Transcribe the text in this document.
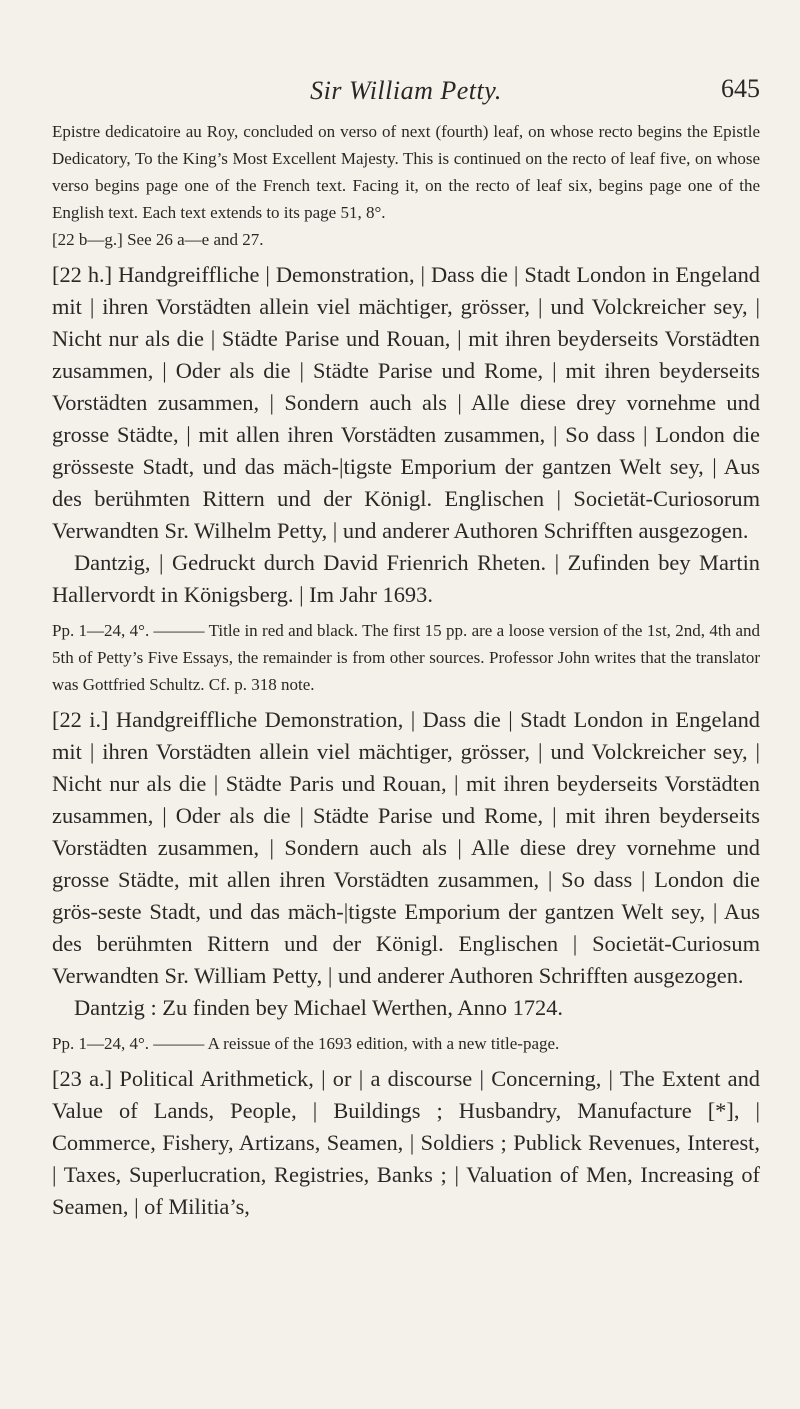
Sir William Petty.	645

Epistre dedicatoire au Roy, concluded on verso of next (fourth) leaf, on whose recto begins the Epistle Dedicatory, To the King’s Most Excellent Majesty. This is continued on the recto of leaf five, on whose verso begins page one of the French text. Facing it, on the recto of leaf six, begins page one of the English text. Each text extends to its page 51, 8°.

[22 b—g.] See 26 a—e and 27.

[22 h.] Handgreiffliche | Demonstration, | Dass die | Stadt London in Engeland mit | ihren Vorstädten allein viel mächtiger, grösser, | und Volckreicher sey, | Nicht nur als die | Städte Parise und Rouan, | mit ihren beyderseits Vorstädten zusammen, | Oder als die | Städte Parise und Rome, | mit ihren beyderseits Vorstädten zusammen, | Sondern auch als | Alle diese drey vornehme und grosse Städte, | mit allen ihren Vorstädten zusammen, | So dass | London die grösseste Stadt, und das mäch-|tigste Emporium der gantzen Welt sey, | Aus des berühmten Rittern und der Königl. Englischen | Societät-Curiosorum Verwandten Sr. Wilhelm Petty, | und anderer Authoren Schrifften ausgezogen.

Dantzig, | Gedruckt durch David Frienrich Rheten. | Zufinden bey Martin Hallervordt in Königsberg. | Im Jahr 1693.

Pp. 1—24, 4°. ——— Title in red and black. The first 15 pp. are a loose version of the 1st, 2nd, 4th and 5th of Petty’s Five Essays, the remainder is from other sources. Professor John writes that the translator was Gottfried Schultz. Cf. p. 318 note.

[22 i.] Handgreiffliche Demonstration, | Dass die | Stadt London in Engeland mit | ihren Vorstädten allein viel mächtiger, grösser, | und Volckreicher sey, | Nicht nur als die | Städte Paris und Rouan, | mit ihren beyderseits Vorstädten zusammen, | Oder als die | Städte Parise und Rome, | mit ihren beyderseits Vorstädten zusammen, | Sondern auch als | Alle diese drey vornehme und grosse Städte, mit allen ihren Vorstädten zusammen, | So dass | London die grös-seste Stadt, und das mäch-|tigste Emporium der gantzen Welt sey, | Aus des berühmten Rittern und der Königl. Englischen | Societät-Curiosum Verwandten Sr. William Petty, | und anderer Authoren Schrifften ausgezogen.

Dantzig : Zu finden bey Michael Werthen, Anno 1724.

Pp. 1—24, 4°. ——— A reissue of the 1693 edition, with a new title-page.

[23 a.] Political Arithmetick, | or | a discourse | Concerning, | The Extent and Value of Lands, People, | Buildings ; Husbandry, Manufacture [*], | Commerce, Fishery, Artizans, Seamen, | Soldiers ; Publick Revenues, Interest, | Taxes, Superlucration, Registries, Banks ; | Valuation of Men, Increasing of Seamen, | of Militia’s,
